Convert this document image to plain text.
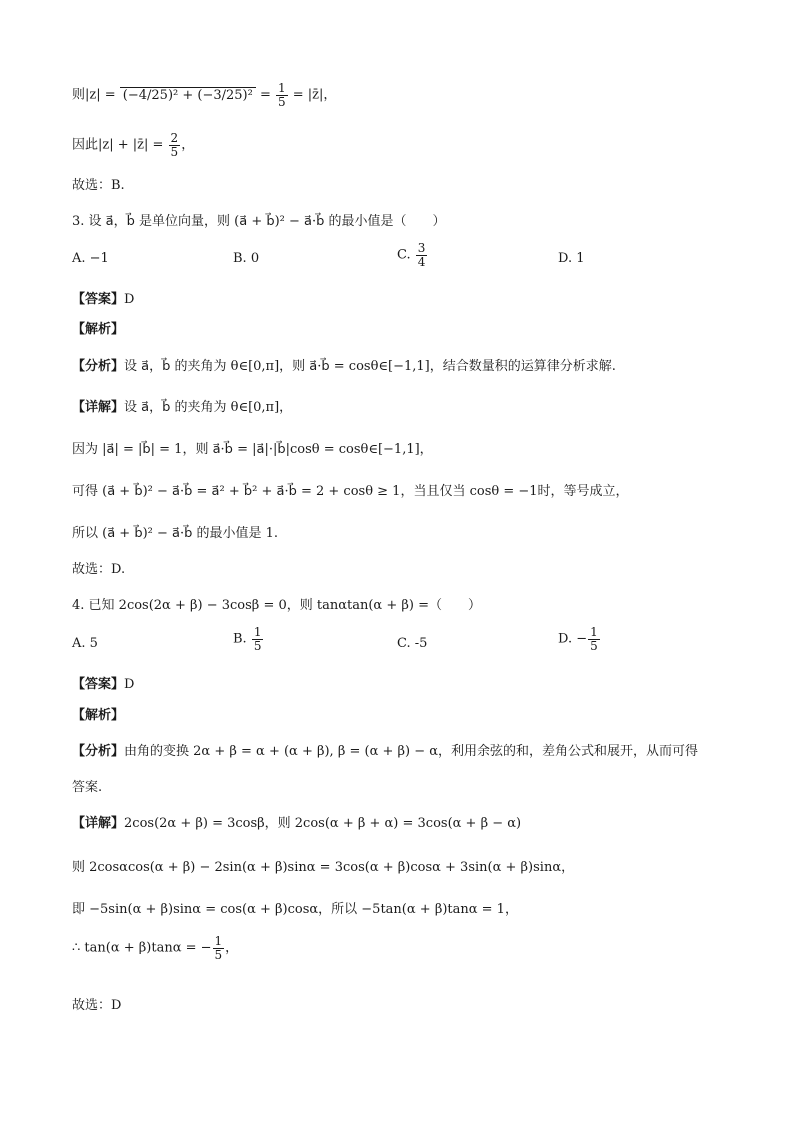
则$|z| = (-4/25)^2 + (-3/25)^2 = \frac{1}{5}$ = |z̄|，
因此|z| + |z̄| = $\frac{2}{5}$ ，
故选：B.
3. 设 a⃗，b⃗ 是单位向量，则 (a⃗ + b⃗)² − a⃗·b⃗ 的最小值是（　　）
A. −1	B. 0	C. $\frac{3}{4}$	D. 1
【答案】D
【解析】
【分析】设 a⃗，b⃗ 的夹角为 θ∈[0,π]，则 a⃗·b⃗ = cosθ∈[−1,1]，结合数量积的运算律分析求解.
【详解】设 a⃗，b⃗ 的夹角为 θ∈[0,π]，
因为 |a⃗| = |b⃗| = 1，则 a⃗·b⃗ = |a⃗|·|b⃗|cosθ = cosθ∈[−1,1]，
可得 (a⃗ + b⃗)² − a⃗·b⃗ = a⃗² + b⃗² + a⃗·b⃗ = 2 + cosθ ≥ 1，当且仅当 cosθ = −1时，等号成立，
所以 (a⃗ + b⃗)² − a⃗·b⃗ 的最小值是 1.
故选：D.
4. 已知 2cos(2α + β) − 3cosβ = 0，则 tanαtan(α + β) =（　　）
A. 5	B. $\frac{1}{5}$	C. -5	D. − $\frac{1}{5}$
【答案】D
【解析】
【分析】由角的变换 2α + β = α + (α + β), β = (α + β) − α，利用余弦的和，差角公式和展开，从而可得
答案.
【详解】2cos(2α + β) = 3cosβ，则 2cos(α + β + α) = 3cos(α + β − α)
则 2cosαcos(α + β) − 2sin(α + β)sinα = 3cos(α + β)cosα + 3sin(α + β)sinα，
即 −5sin(α + β)sinα = cos(α + β)cosα，所以 −5tan(α + β)tanα = 1，
∴ tan(α + β)tanα = − $\frac{1}{5}$ ，
故选：D
